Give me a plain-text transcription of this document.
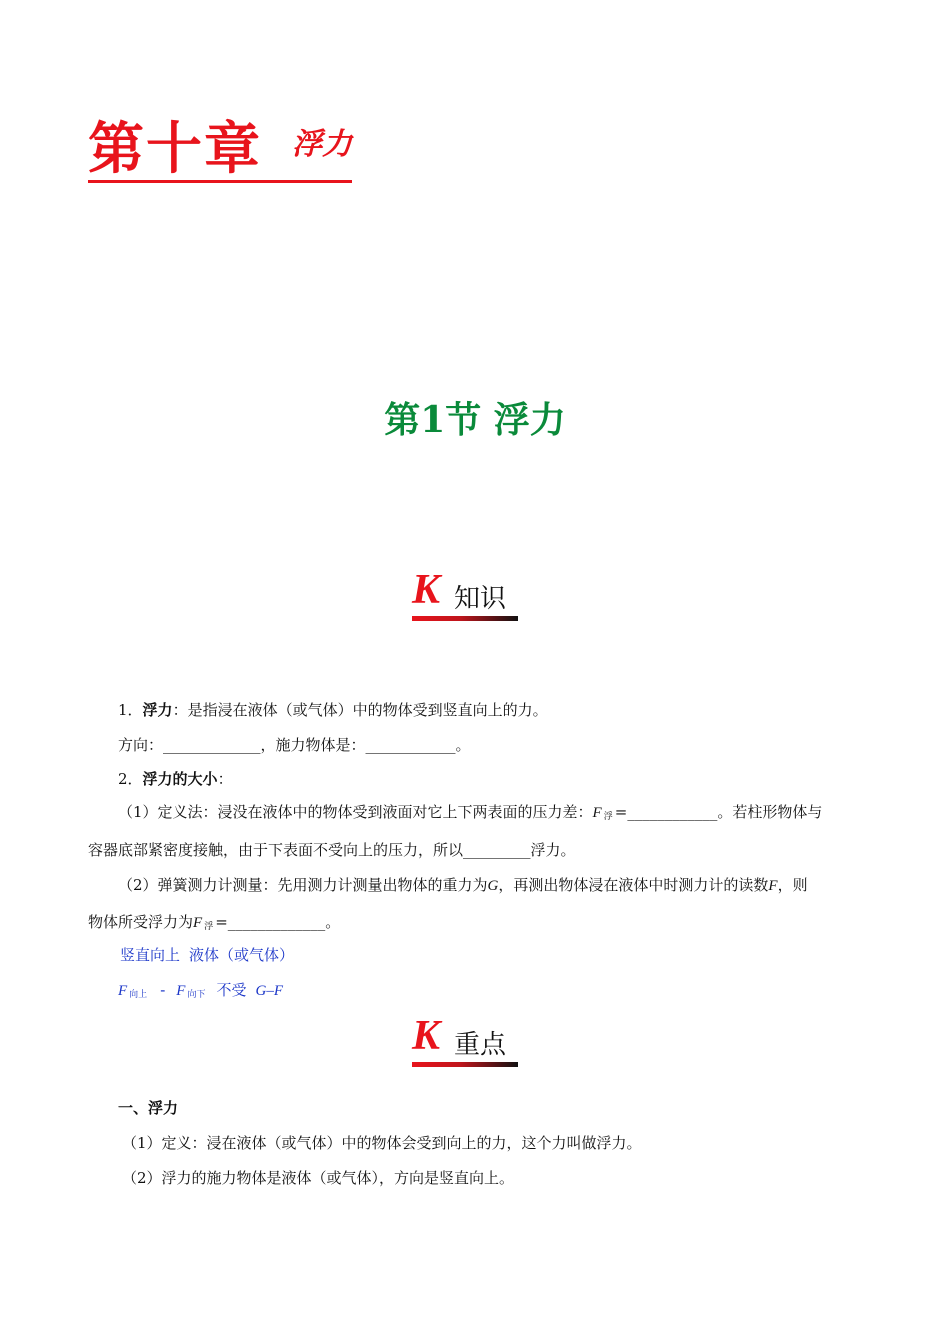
第十章 浮力
第1节 浮力
K 知识
1．浮力：是指浸在液体（或气体）中的物体受到竖直向上的力。
方向：_____________，施力物体是：____________。
2．浮力的大小：
（1）定义法：浸没在液体中的物体受到液面对它上下两表面的压力差：F $_浮$ =____________。若柱形物体与
容器底部紧密度接触，由于下表面不受向上的压力，所以_________浮力。
（2）弹簧测力计测量：先用测力计测量出物体的重力为G，再测出物体浸在液体中时测力计的读数F，则
物体所受浮力为F $_浮$ =_____________。
竖直向上 液体（或气体）
F $_{向上}$ - F $_{向下}$ 不受 G–F
K 重点
一、浮力
（1）定义：浸在液体（或气体）中的物体会受到向上的力，这个力叫做浮力。
（2）浮力的施力物体是液体（或气体），方向是竖直向上。
